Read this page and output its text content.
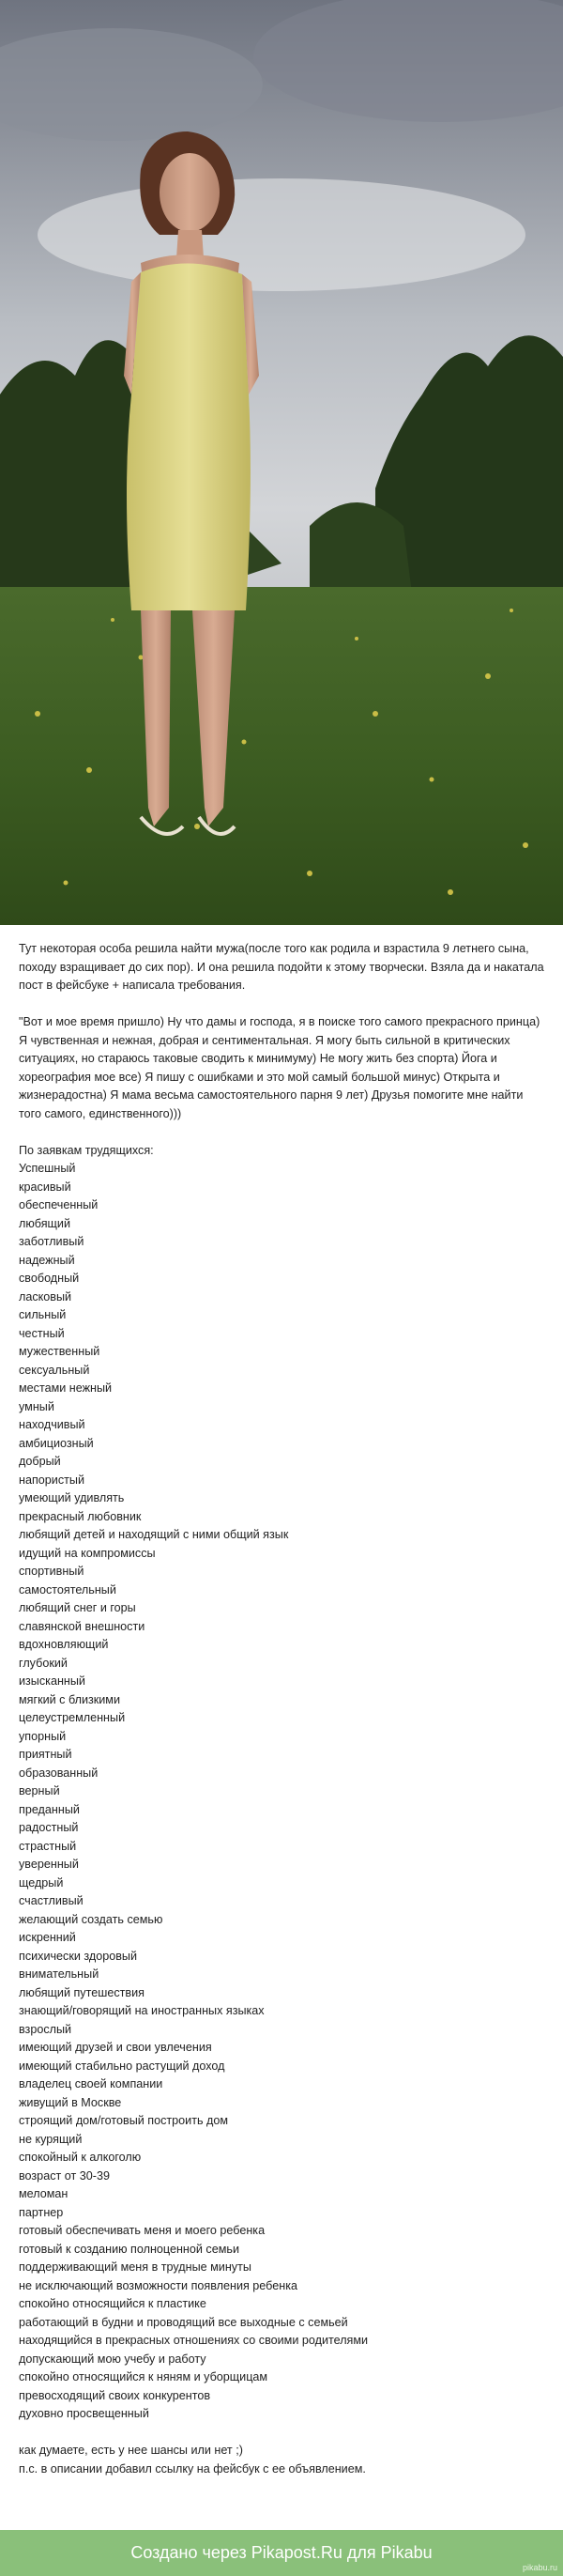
Тут некоторая особа решила найти мужа(после того как родила и взрастила 9 летнего сына, походу взращивает до сих пор). И она решила подойти к этому творчески. Взяла да и накатала пост в фейсбуке + написала требования.

"Вот и мое время пришло) Ну что дамы и господа, я в поиске того самого прекрасного принца)
Я чувственная и нежная, добрая и сентиментальная. Я могу быть сильной в критических ситуациях, но стараюсь таковые сводить к минимуму) Не могу жить без спорта) Йога и хореография мое все) Я пишу с ошибками и это мой самый большой минус) Открыта и жизнерадостна) Я мама весьма самостоятельного парня 9 лет) Друзья помогите мне найти того самого, единственного)))

По заявкам трудящихся:

Успешный

красивый

обеспеченный

любящий

заботливый

надежный

свободный

ласковый

сильный

честный

мужественный

сексуальный

местами нежный

умный

находчивый

амбициозный

добрый

напористый

умеющий удивлять

прекрасный любовник

любящий детей и находящий с ними общий язык

идущий на компромиссы

спортивный

самостоятельный

любящий снег и горы

славянской внешности

вдохновляющий

глубокий

изысканный

мягкий с близкими

целеустремленный

упорный

приятный

образованный

верный

преданный

радостный

страстный

уверенный

щедрый

счастливый

желающий создать семью

искренний

психически здоровый

внимательный

любящий путешествия

знающий/говорящий на иностранных языках

взрослый

имеющий друзей и свои увлечения

имеющий стабильно растущий доход

владелец своей компании

живущий в Москве

строящий дом/готовый построить дом

не курящий

спокойный к алкоголю

возраст от 30-39

меломан

партнер

готовый обеспечивать меня и моего ребенка

готовый к созданию полноценной семьи

поддерживающий меня в трудные минуты

не исключающий возможности появления ребенка

спокойно относящийся к пластике

работающий в будни и проводящий все выходные с семьей

находящийся в прекрасных отношениях со своими родителями

допускающий мою учебу и работу

спокойно относящийся к няням и уборщицам

превосходящий своих конкурентов

духовно просвещенный

как думаете, есть у нее шансы или нет ;)

п.с. в описании добавил ссылку на фейсбук с ее объявлением.

Создано через Pikapost.Ru для Pikabu
pikabu.ru
